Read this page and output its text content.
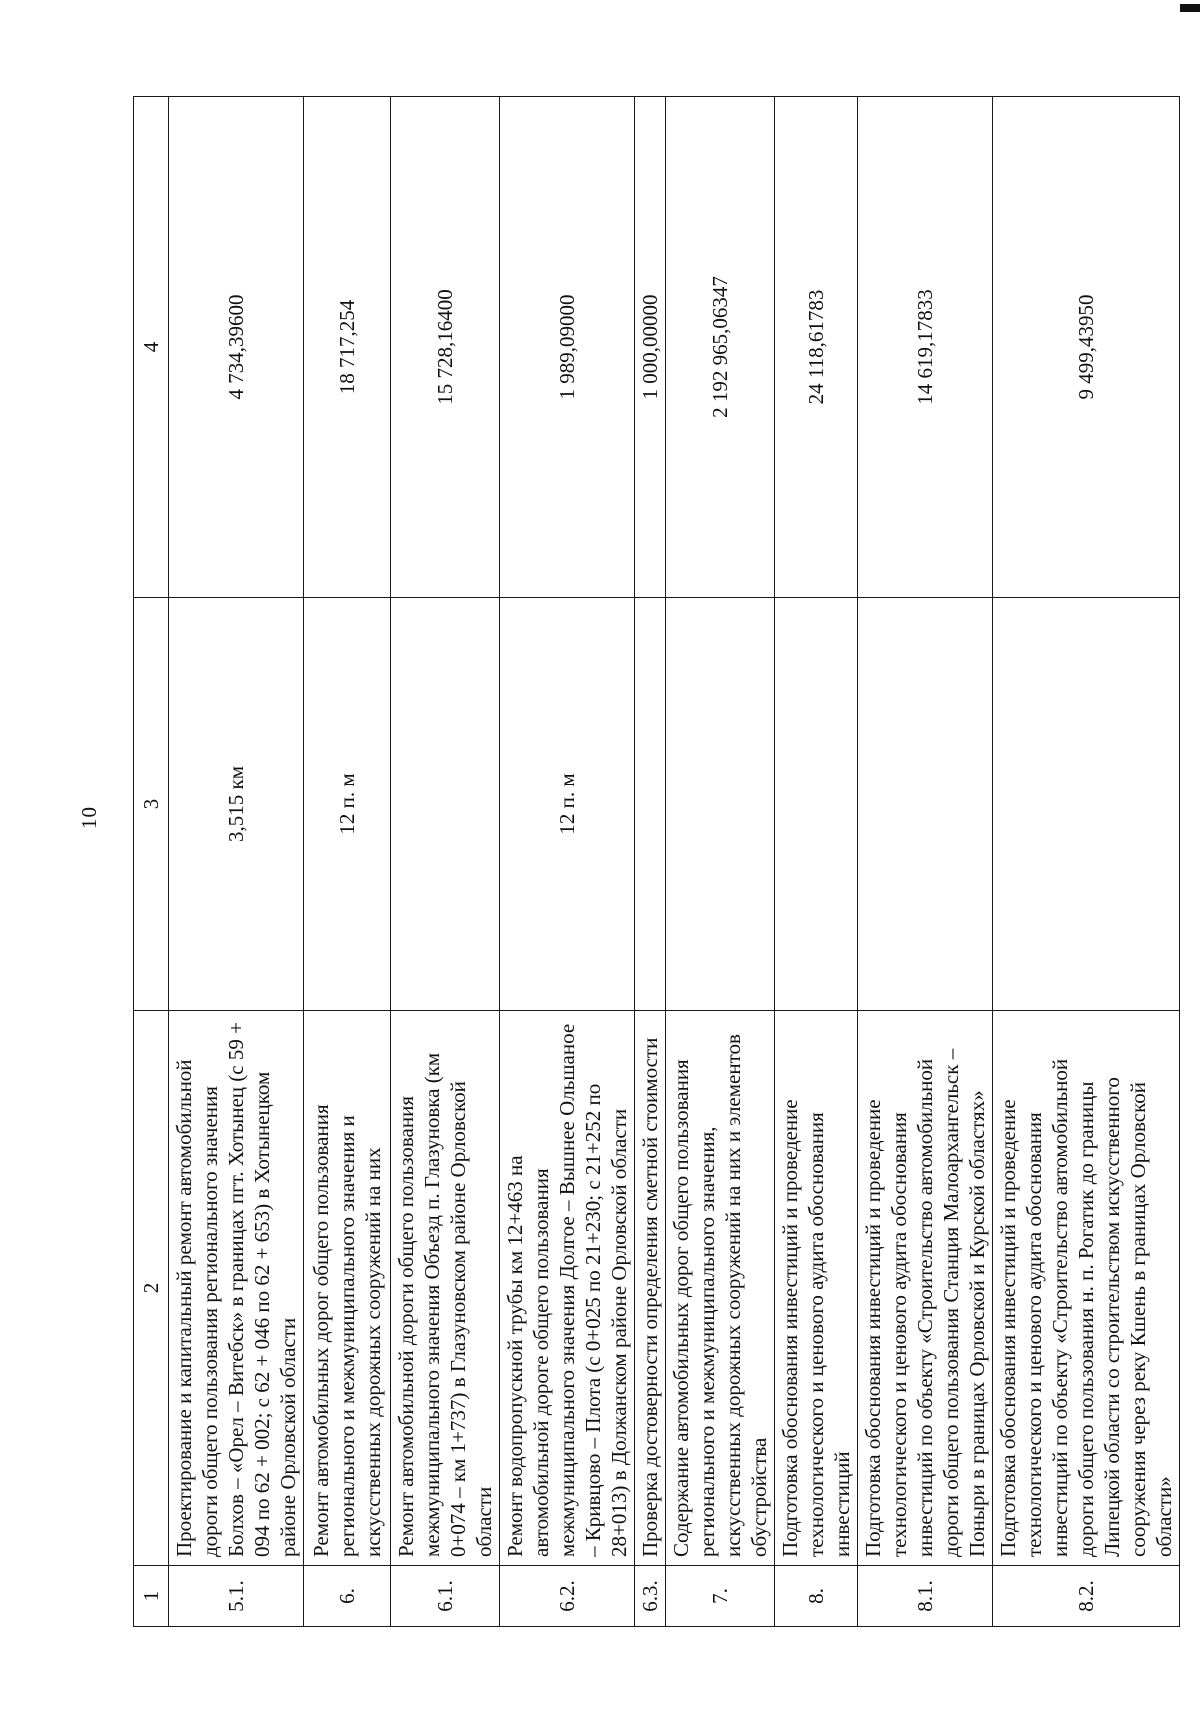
10
1	2	3	4
5.1.	Проектирование и капитальный ремонт автомобильной дороги общего пользования регионального значения Болхов – «Орел – Витебск» в границах пгт. Хотынец (с 59 + 094 по 62 + 002; с 62 + 046 по 62 + 653) в Хотынецком районе Орловской области	3,515 км	4 734,39600
6.	Ремонт автомобильных дорог общего пользования регионального и межмуниципального значения и искусственных дорожных сооружений на них	12 п. м	18 717,254
6.1.	Ремонт автомобильной дороги общего пользования межмуниципального значения Объезд п. Глазуновка (км 0+074 – км 1+737) в Глазуновском районе Орловской области		15 728,16400
6.2.	Ремонт водопропускной трубы км 12+463 на автомобильной дороге общего пользования межмуниципального значения Долгое – Вышнее Ольшаное – Кривцово – Плота (с 0+025 по 21+230; с 21+252 по 28+013) в Должанском районе Орловской области	12 п. м	1 989,09000
6.3.	Проверка достоверности определения сметной стоимости		1 000,00000
7.	Содержание автомобильных дорог общего пользования регионального и межмуниципального значения, искусственных дорожных сооружений на них и элементов обустройства		2 192 965,06347
8.	Подготовка обоснования инвестиций и проведение технологического и ценового аудита обоснования инвестиций		24 118,61783
8.1.	Подготовка обоснования инвестиций и проведение технологического и ценового аудита обоснования инвестиций по объекту «Строительство автомобильной дороги общего пользования Станция Малоархангельск – Поныри в границах Орловской и Курской областях»		14 619,17833
8.2.	Подготовка обоснования инвестиций и проведение технологического и ценового аудита обоснования инвестиций по объекту «Строительство автомобильной дороги общего пользования н. п. Рогатик до границы Липецкой области со строительством искусственного сооружения через реку Кшень в границах Орловской области»		9 499,43950
